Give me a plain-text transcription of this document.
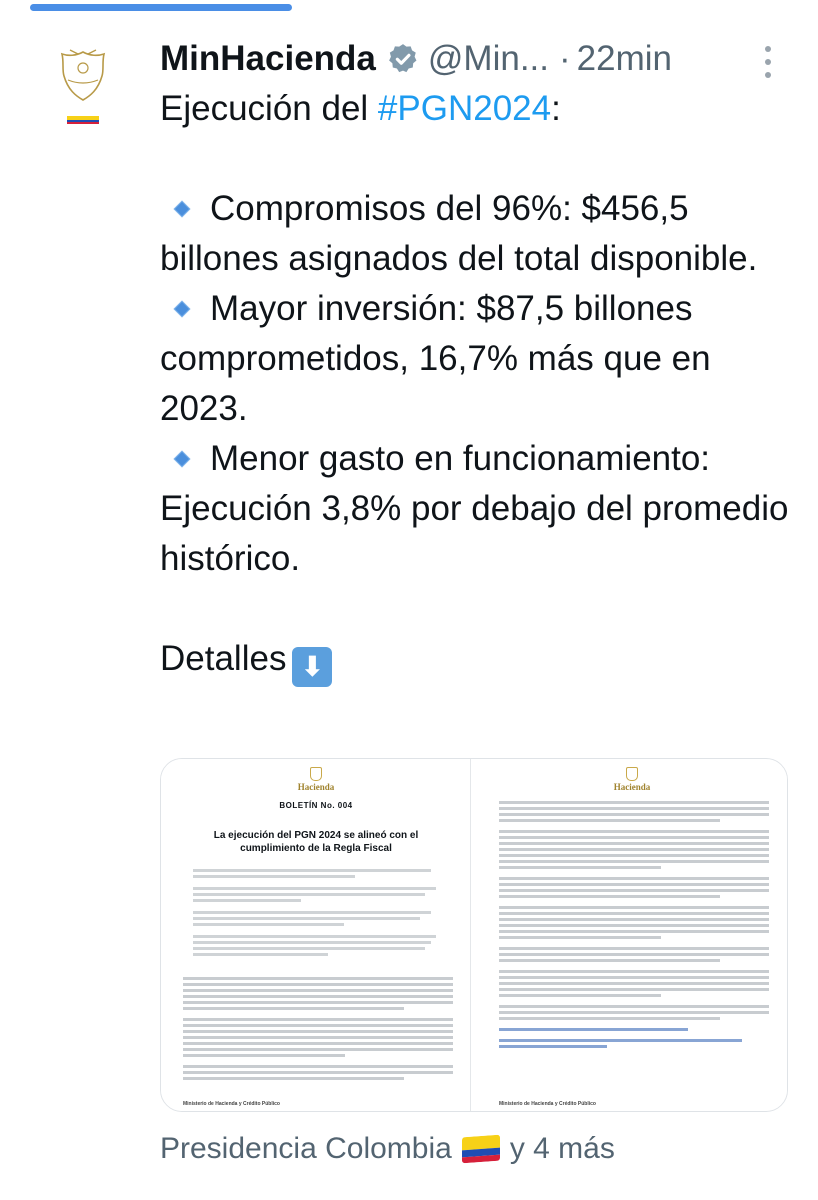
MinHacienda @Min... · 22min

Ejecución del #PGN2024:

Compromisos del 96%: $456,5 billones asignados del total disponible.

Mayor inversión: $87,5 billones comprometidos, 16,7% más que en 2023.

Menor gasto en funcionamiento: Ejecución 3,8% por debajo del promedio histórico.

Detalles ⬇

Hacienda
BOLETÍN No. 004
La ejecución del PGN 2024 se alineó con el cumplimiento de la Regla Fiscal
Ministerio de Hacienda y Crédito Público
Hacienda
Ministerio de Hacienda y Crédito Público
Presidencia Colombia y 4 más
